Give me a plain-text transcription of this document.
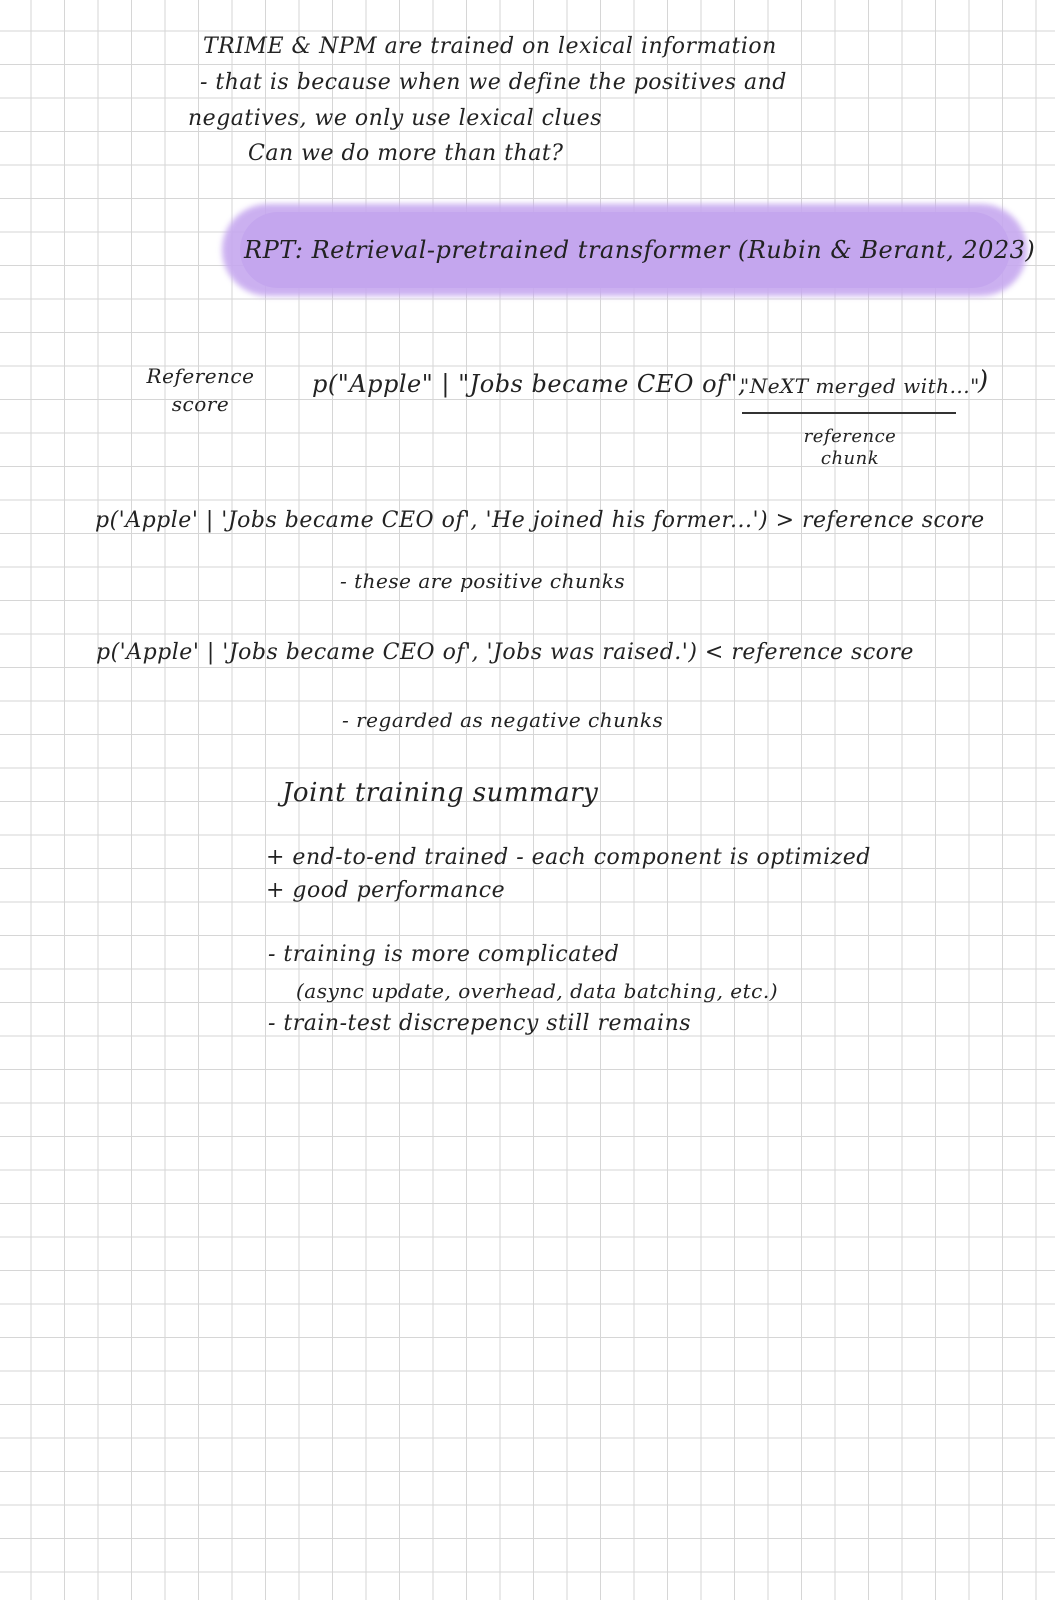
TRIME & NPM are trained on lexical information
- that is because when we define the positives and
negatives, we only use lexical clues
Can we do more than that?
RPT: Retrieval-pretrained transformer (Rubin & Berant, 2023)
Reference
score
p("Apple" | "Jobs became CEO of",
"NeXT merged with..."
)
reference
chunk
p('Apple' | 'Jobs became CEO of', 'He joined his former...') > reference score
- these are positive chunks
p('Apple' | 'Jobs became CEO of', 'Jobs was raised.') < reference score
- regarded as negative chunks
Joint training summary
+ end-to-end trained - each component is optimized
+ good performance
- training is more complicated
(async update, overhead, data batching, etc.)
- train-test discrepency still remains
